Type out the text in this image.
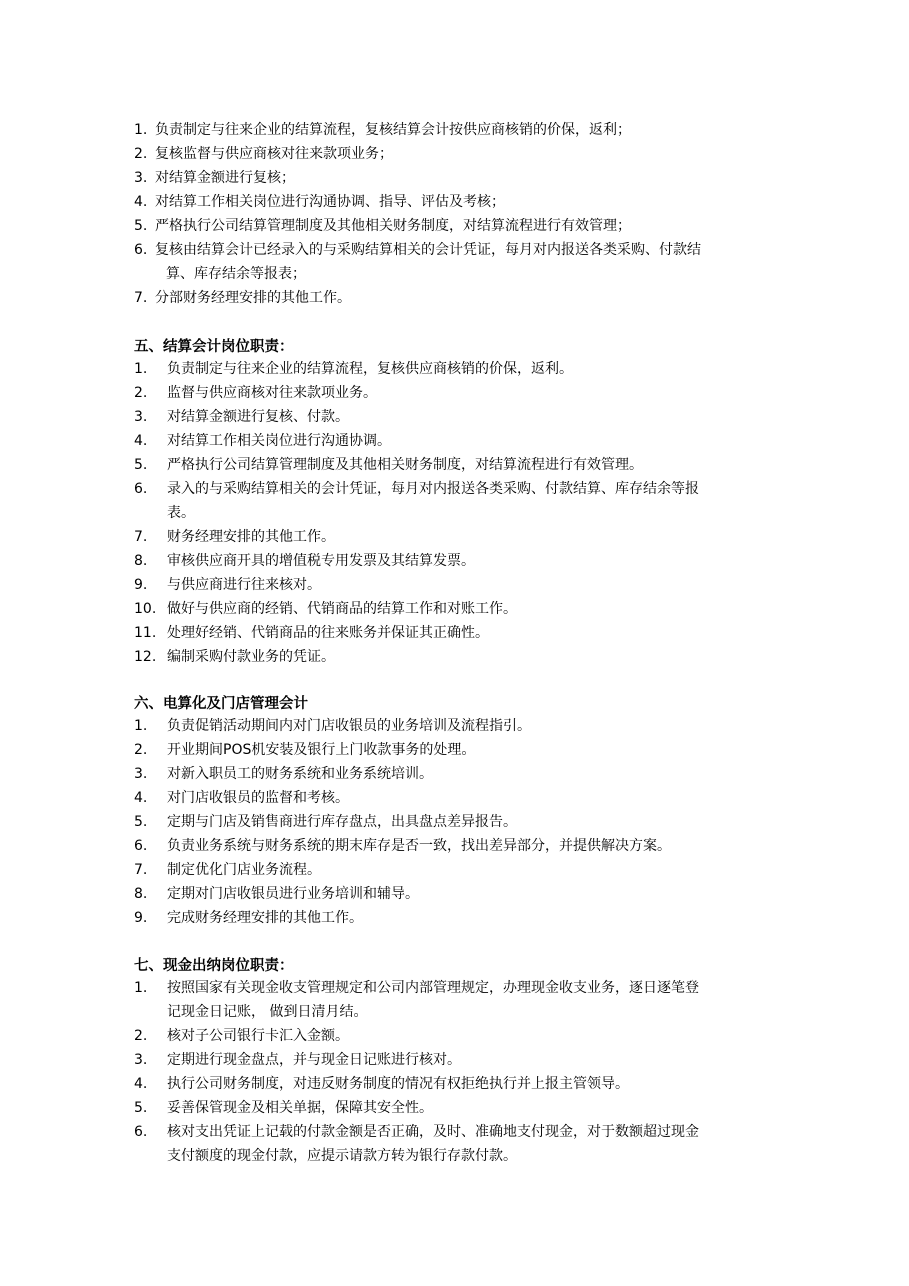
1. 负责制定与往来企业的结算流程，复核结算会计按供应商核销的价保，返利；
2. 复核监督与供应商核对往来款项业务；
3. 对结算金额进行复核；
4. 对结算工作相关岗位进行沟通协调、指导、评估及考核；
5. 严格执行公司结算管理制度及其他相关财务制度，对结算流程进行有效管理；
6. 复核由结算会计已经录入的与采购结算相关的会计凭证，每月对内报送各类采购、付款结
算、库存结余等报表；
7. 分部财务经理安排的其他工作。
五、结算会计岗位职责：
1. 负责制定与往来企业的结算流程，复核供应商核销的价保，返利。
2. 监督与供应商核对往来款项业务。
3. 对结算金额进行复核、付款。
4. 对结算工作相关岗位进行沟通协调。
5. 严格执行公司结算管理制度及其他相关财务制度，对结算流程进行有效管理。
6. 录入的与采购结算相关的会计凭证，每月对内报送各类采购、付款结算、库存结余等报
表。
7. 财务经理安排的其他工作。
8. 审核供应商开具的增值税专用发票及其结算发票。
9. 与供应商进行往来核对。
10. 做好与供应商的经销、代销商品的结算工作和对账工作。
11. 处理好经销、代销商品的往来账务并保证其正确性。
12. 编制采购付款业务的凭证。
六、电算化及门店管理会计
1. 负责促销活动期间内对门店收银员的业务培训及流程指引。
2. 开业期间POS机安装及银行上门收款事务的处理。
3. 对新入职员工的财务系统和业务系统培训。
4. 对门店收银员的监督和考核。
5. 定期与门店及销售商进行库存盘点，出具盘点差异报告。
6. 负责业务系统与财务系统的期末库存是否一致，找出差异部分，并提供解决方案。
7. 制定优化门店业务流程。
8. 定期对门店收银员进行业务培训和辅导。
9. 完成财务经理安排的其他工作。
七、现金出纳岗位职责：
1. 按照国家有关现金收支管理规定和公司内部管理规定，办理现金收支业务，逐日逐笔登
记现金日记账， 做到日清月结。
2. 核对子公司银行卡汇入金额。
3. 定期进行现金盘点，并与现金日记账进行核对。
4. 执行公司财务制度，对违反财务制度的情况有权拒绝执行并上报主管领导。
5. 妥善保管现金及相关单据，保障其安全性。
6. 核对支出凭证上记载的付款金额是否正确，及时、准确地支付现金，对于数额超过现金
支付额度的现金付款，应提示请款方转为银行存款付款。
